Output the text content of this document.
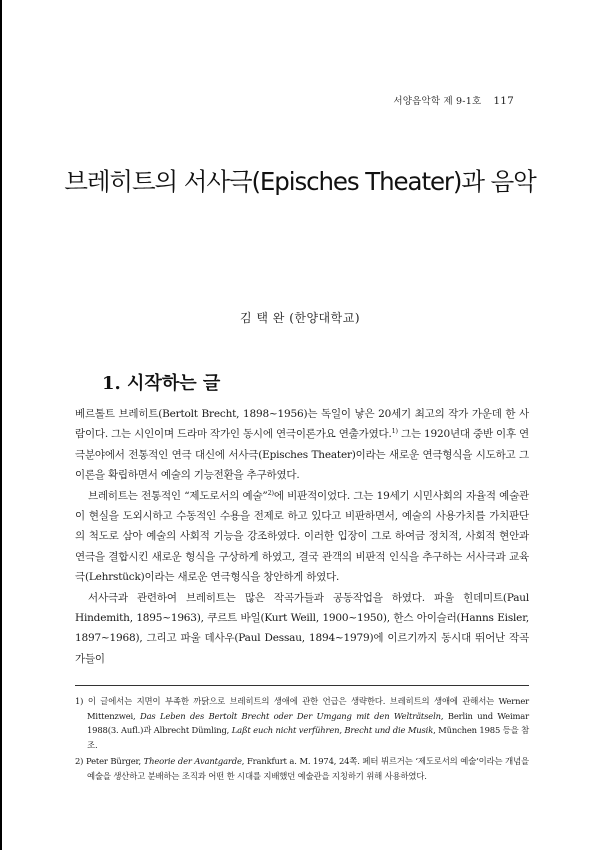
서양음악학 제 9-1호 117
브레히트의 서사극(Episches Theater)과 음악
김 택 완 (한양대학교)
1. 시작하는 글

베르톨트 브레히트(Bertolt Brecht, 1898~1956)는 독일이 낳은 20세기 최고의 작가 가운데 한 사람이다. 그는 시인이며 드라마 작가인 동시에 연극이론가요 연출가였다.$^{1)}$ 그는 1920년대 중반 이후 연극분야에서 전통적인 연극 대신에 서사극(Episches Theater)이라는 새로운 연극형식을 시도하고 그 이론을 확립하면서 예술의 기능전환을 추구하였다.

브레히트는 전통적인 “제도로서의 예술”$^{2)}$에 비판적이었다. 그는 19세기 시민사회의 자율적 예술관이 현실을 도외시하고 수동적인 수용을 전제로 하고 있다고 비판하면서, 예술의 사용가치를 가치판단의 척도로 삼아 예술의 사회적 기능을 강조하였다. 이러한 입장이 그로 하여금 정치적, 사회적 현안과 연극을 결합시킨 새로운 형식을 구상하게 하였고, 결국 관객의 비판적 인식을 추구하는 서사극과 교육극(Lehrstück)이라는 새로운 연극형식을 창안하게 하였다.

서사극과 관련하여 브레히트는 많은 작곡가들과 공동작업을 하였다. 파울 힌데미트(Paul Hindemith, 1895~1963), 쿠르트 바일(Kurt Weill, 1900~1950), 한스 아이슬러(Hanns Eisler, 1897~1968), 그리고 파울 데사우(Paul Dessau, 1894~1979)에 이르기까지 동시대 뛰어난 작곡가들이

1) 이 글에서는 지면이 부족한 까닭으로 브레히트의 생애에 관한 언급은 생략한다. 브레히트의 생애에 관해서는 Werner Mittenzwei, Das Leben des Bertolt Brecht oder Der Umgang mit den Welträtseln, Berlin und Weimar 1988(3. Aufl.)과 Albrecht Dümling, Laßt euch nicht verführen, Brecht und die Musik, München 1985 등을 참조.

2) Peter Bürger, Theorie der Avantgarde, Frankfurt a. M. 1974, 24쪽. 페터 뷔르거는 ‘제도로서의 예술’이라는 개념을 예술을 생산하고 분배하는 조직과 어떤 한 시대를 지배했던 예술관을 지칭하기 위해 사용하였다.
